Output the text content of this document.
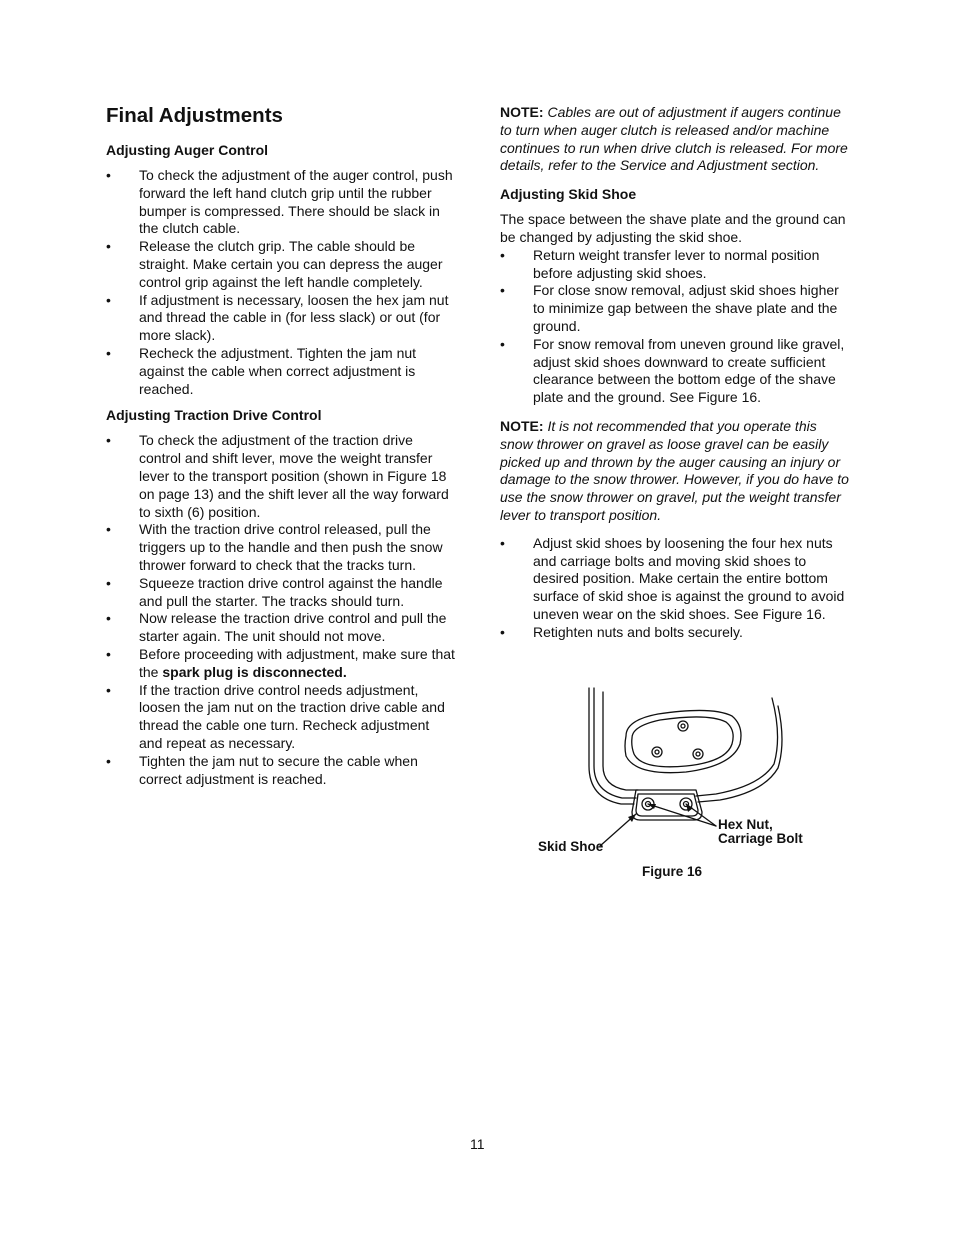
Final Adjustments
Adjusting Auger Control
• To check the adjustment of the auger control, push forward the left hand clutch grip until the rubber bumper is compressed. There should be slack in the clutch cable.
• Release the clutch grip. The cable should be straight. Make certain you can depress the auger control grip against the left handle completely.
• If adjustment is necessary, loosen the hex jam nut and thread the cable in (for less slack) or out (for more slack).
• Recheck the adjustment. Tighten the jam nut against the cable when correct adjustment is reached.
Adjusting Traction Drive Control
• To check the adjustment of the traction drive control and shift lever, move the weight transfer lever to the transport position (shown in Figure 18 on page 13) and the shift lever all the way forward to sixth (6) position.
• With the traction drive control released, pull the triggers up to the handle and then push the snow thrower forward to check that the tracks turn.
• Squeeze traction drive control against the handle and pull the starter. The tracks should turn.
• Now release the traction drive control and pull the starter again. The unit should not move.
• Before proceeding with adjustment, make sure that the spark plug is disconnected.
• If the traction drive control needs adjustment, loosen the jam nut on the traction drive cable and thread the cable one turn. Recheck adjustment and repeat as necessary.
• Tighten the jam nut to secure the cable when correct adjustment is reached.

NOTE: Cables are out of adjustment if augers continue to turn when auger clutch is released and/or machine continues to run when drive clutch is released. For more details, refer to the Service and Adjustment section.

Adjusting Skid Shoe

The space between the shave plate and the ground can be changed by adjusting the skid shoe.

• Return weight transfer lever to normal position before adjusting skid shoes.
• For close snow removal, adjust skid shoes higher to minimize gap between the shave plate and the ground.
• For snow removal from uneven ground like gravel, adjust skid shoes downward to create sufficient clearance between the bottom edge of the shave plate and the ground. See Figure 16.

NOTE: It is not recommended that you operate this snow thrower on gravel as loose gravel can be easily picked up and thrown by the auger causing an injury or damage to the snow thrower. However, if you do have to use the snow thrower on gravel, put the weight transfer lever to transport position.

• Adjust skid shoes by loosening the four hex nuts and carriage bolts and moving skid shoes to desired position. Make certain the entire bottom surface of skid shoe is against the ground to avoid uneven wear on the skid shoes. See Figure 16.
• Retighten nuts and bolts securely.
Hex Nut,
Carriage Bolt
Skid Shoe
Figure 16
11
